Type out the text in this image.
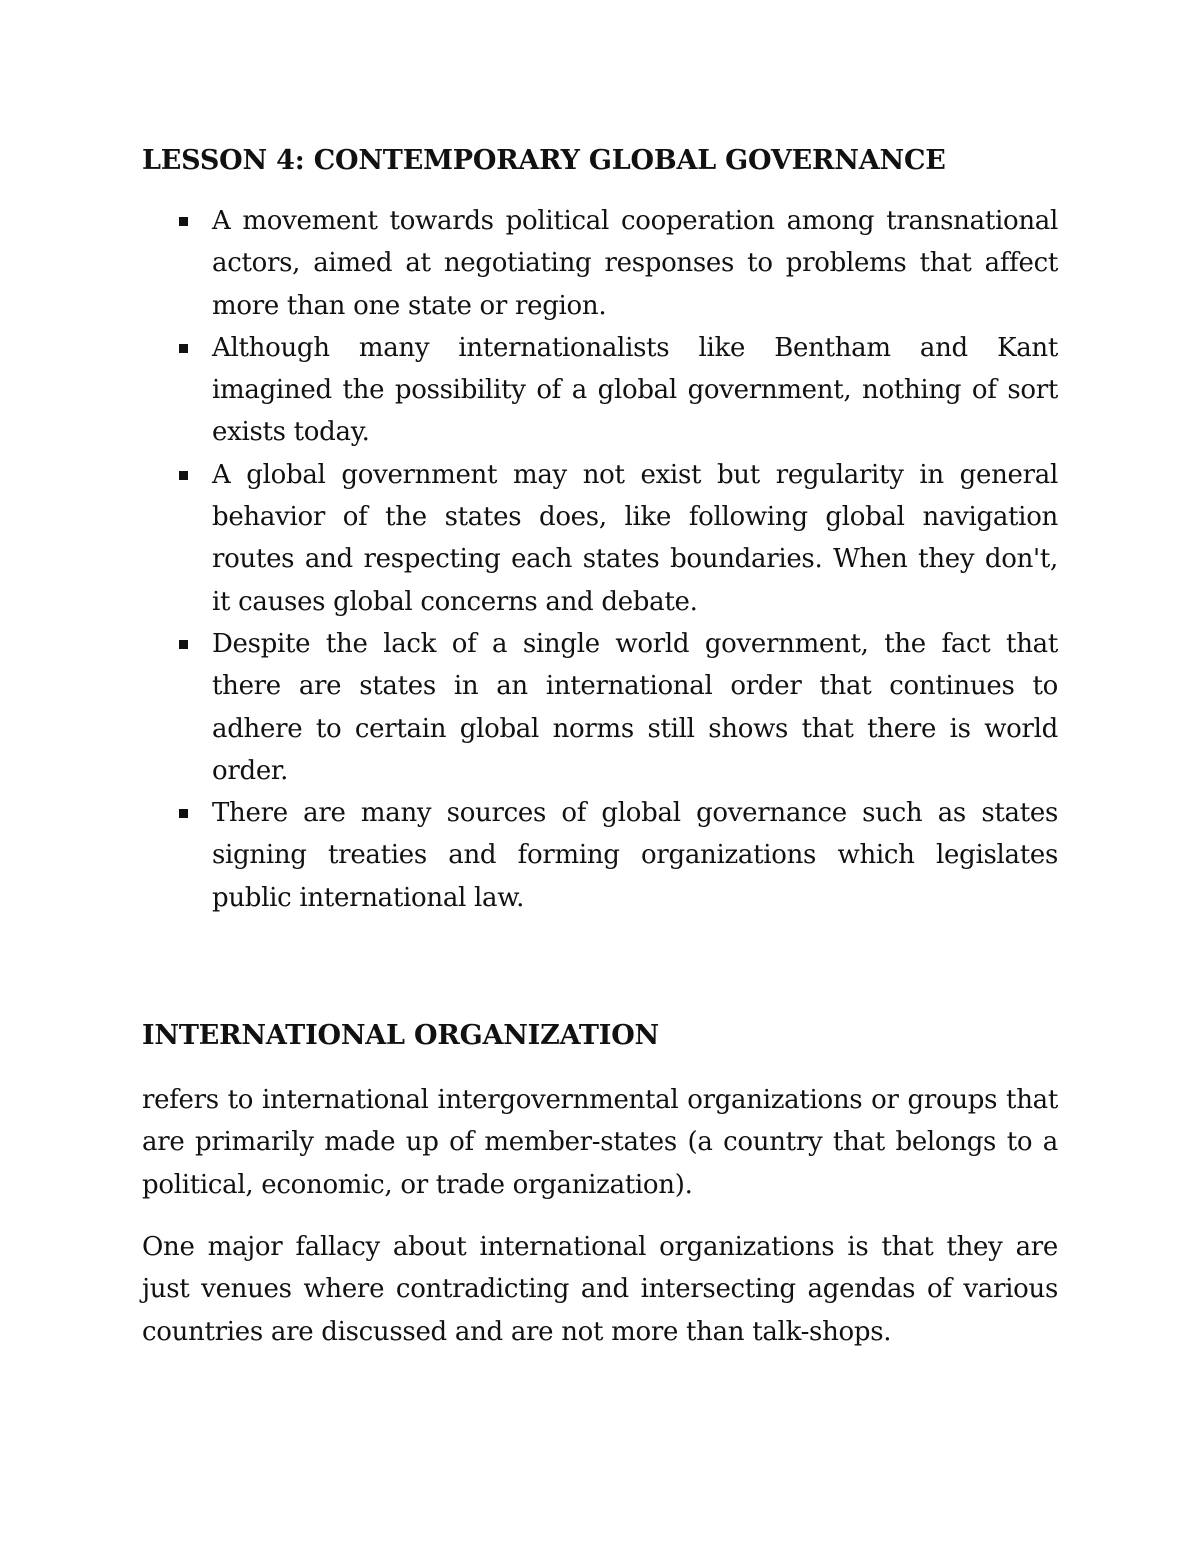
LESSON 4: CONTEMPORARY GLOBAL GOVERNANCE
A movement towards political cooperation among transnational actors, aimed at negotiating responses to problems that affect more than one state or region.
Although many internationalists like Bentham and Kant imagined the possibility of a global government, nothing of sort exists today.
A global government may not exist but regularity in general behavior of the states does, like following global navigation routes and respecting each states boundaries. When they don't, it causes global concerns and debate.
Despite the lack of a single world government, the fact that there are states in an international order that continues to adhere to certain global norms still shows that there is world order.
There are many sources of global governance such as states signing treaties and forming organizations which legislates public international law.
INTERNATIONAL ORGANIZATION

refers to international intergovernmental organizations or groups that are primarily made up of member-states (a country that belongs to a political, economic, or trade organization).

One major fallacy about international organizations is that they are just venues where contradicting and intersecting agendas of various countries are discussed and are not more than talk-shops.
